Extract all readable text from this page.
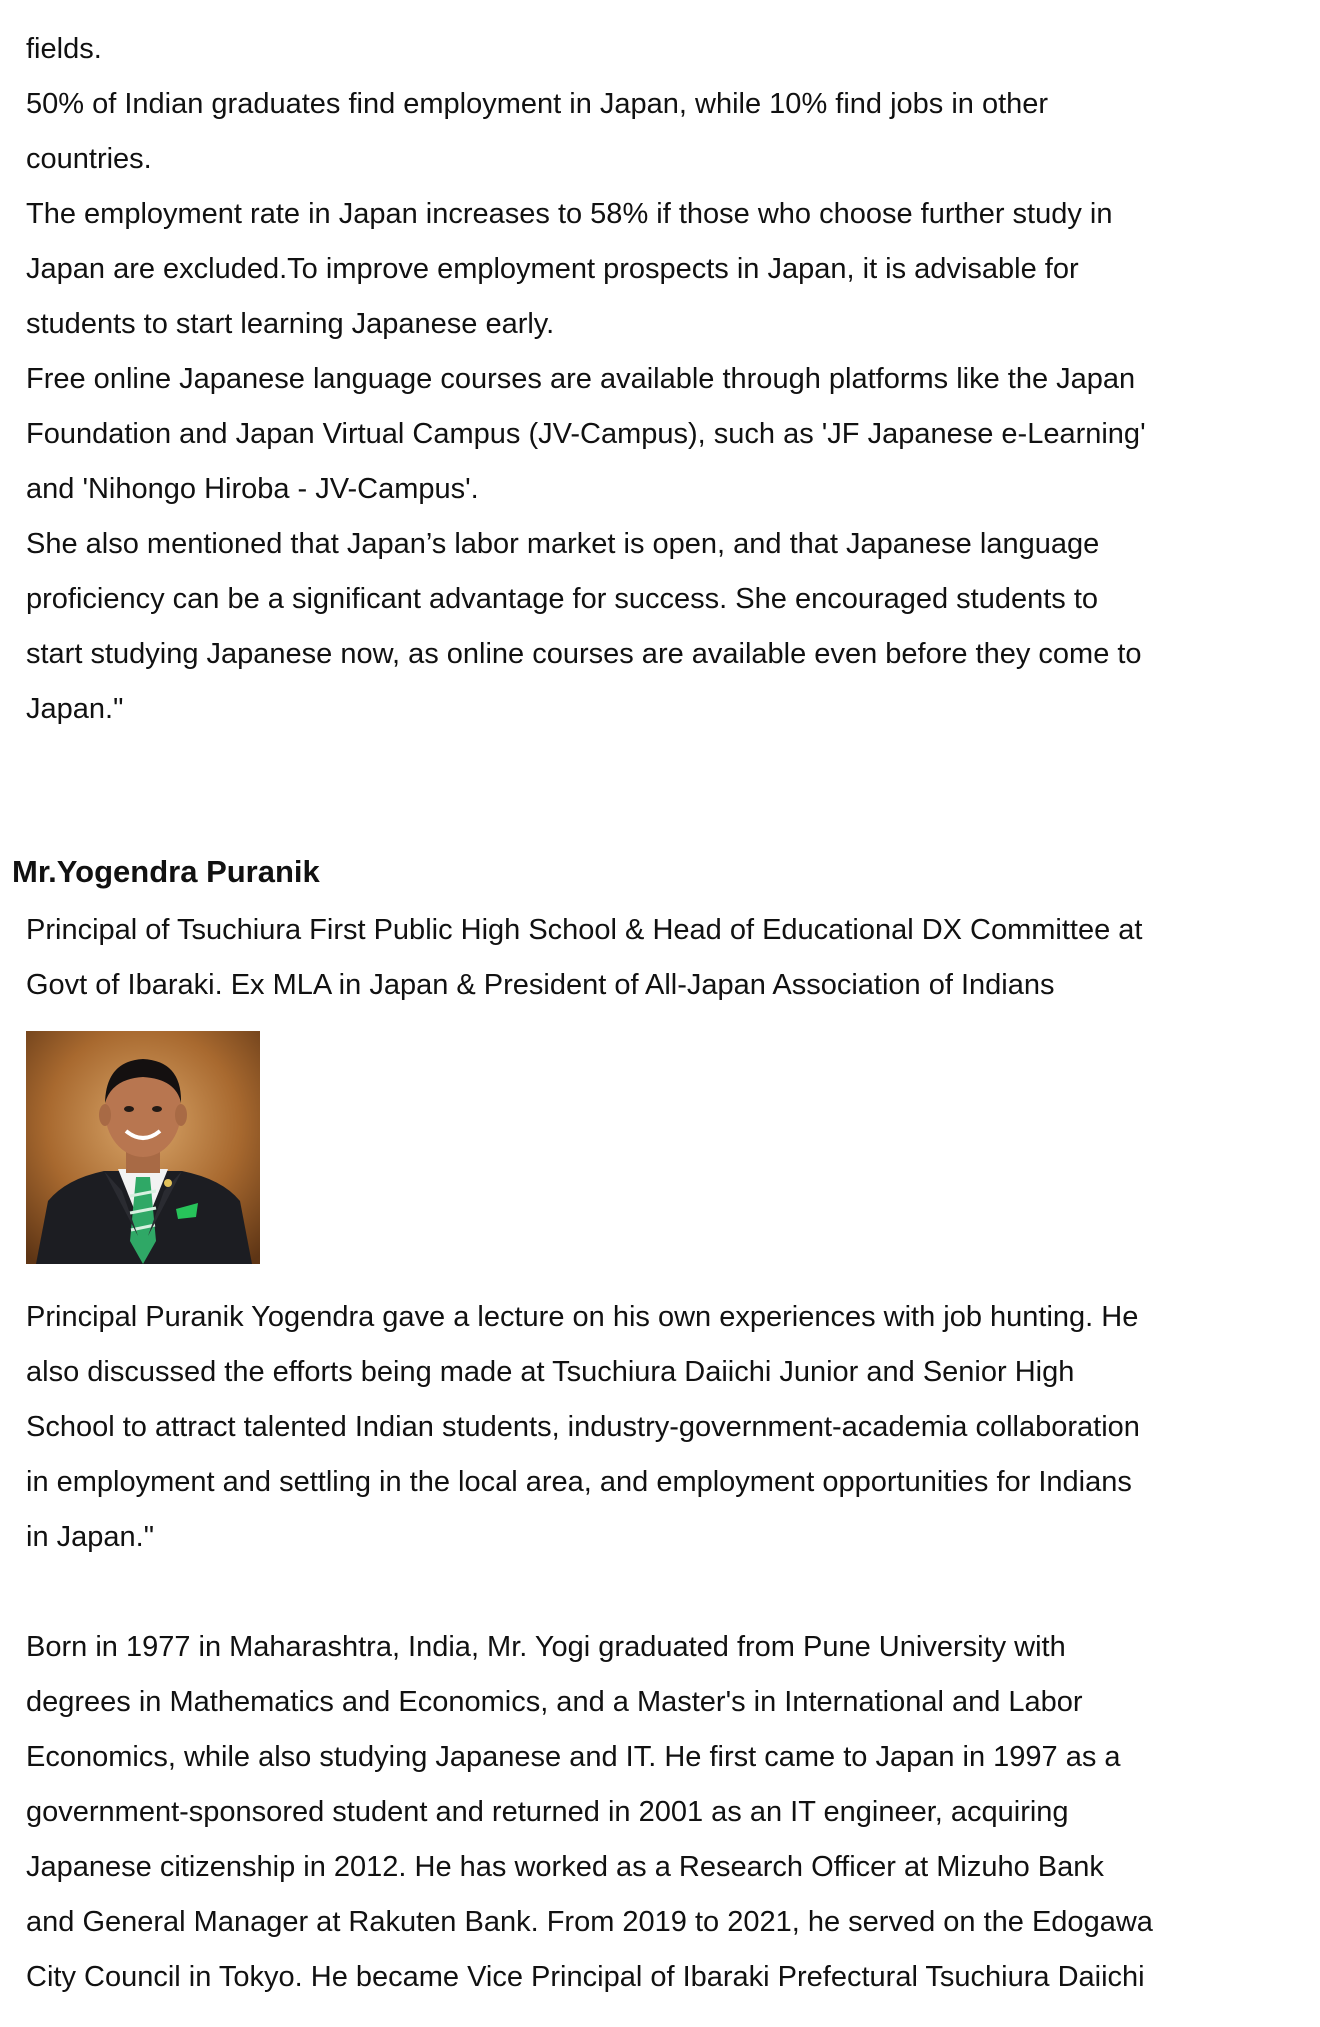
fields.
50% of Indian graduates find employment in Japan, while 10% find jobs in other
countries.
The employment rate in Japan increases to 58% if those who choose further study in
Japan are excluded.To improve employment prospects in Japan, it is advisable for
students to start learning Japanese early.
Free online Japanese language courses are available through platforms like the Japan
Foundation and Japan Virtual Campus (JV-Campus), such as 'JF Japanese e-Learning'
and 'Nihongo Hiroba - JV-Campus'.
She also mentioned that Japan’s labor market is open, and that Japanese language
proficiency can be a significant advantage for success. She encouraged students to
start studying Japanese now, as online courses are available even before they come to
Japan."
Mr.Yogendra Puranik
Principal of Tsuchiura First Public High School & Head of Educational DX Committee at
Govt of Ibaraki. Ex MLA in Japan & President of All-Japan Association of Indians
Principal Puranik Yogendra gave a lecture on his own experiences with job hunting. He
also discussed the efforts being made at Tsuchiura Daiichi Junior and Senior High
School to attract talented Indian students, industry-government-academia collaboration
in employment and settling in the local area, and employment opportunities for Indians
in Japan."
Born in 1977 in Maharashtra, India, Mr. Yogi graduated from Pune University with
degrees in Mathematics and Economics, and a Master's in International and Labor
Economics, while also studying Japanese and IT. He first came to Japan in 1997 as a
government-sponsored student and returned in 2001 as an IT engineer, acquiring
Japanese citizenship in 2012. He has worked as a Research Officer at Mizuho Bank
and General Manager at Rakuten Bank. From 2019 to 2021, he served on the Edogawa
City Council in Tokyo. He became Vice Principal of Ibaraki Prefectural Tsuchiura Daiichi
